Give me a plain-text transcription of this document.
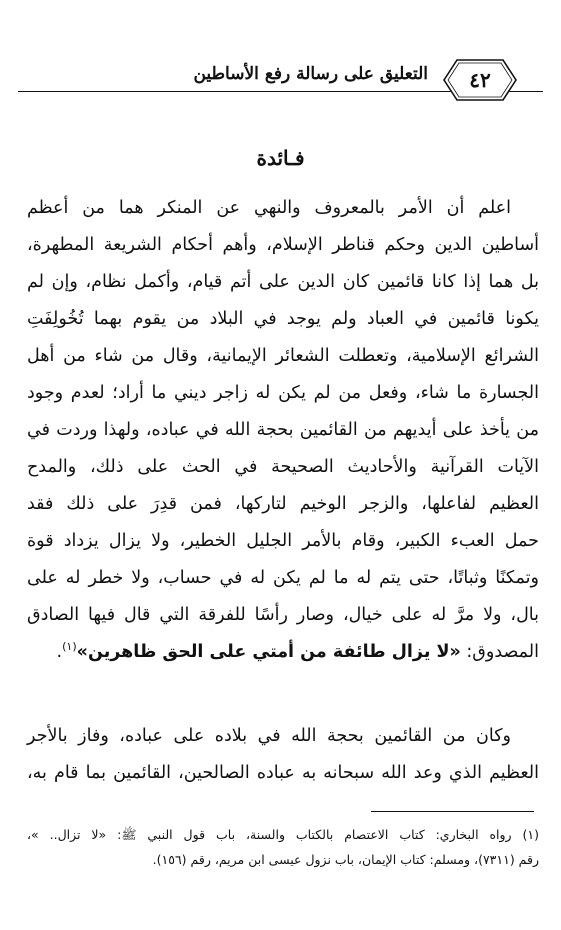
التعليق على رسالة رفع الأساطين	٤٢
فـائدة
اعلم أن الأمر بالمعروف والنهي عن المنكر هما من أعظم
أساطين الدين وحكم قناطر الإسلام، وأهم أحكام الشريعة المطهرة،
بل هما إذا كانا قائمين كان الدين على أتم قيام، وأكمل نظام، وإن لم
يكونا قائمين في العباد ولم يوجد في البلاد من يقوم بهما تُخُولِفَتِ
الشرائع الإسلامية، وتعطلت الشعائر الإيمانية، وقال من شاء من أهل
الجسارة ما شاء، وفعل من لم يكن له زاجر ديني ما أراد؛ لعدم وجود
من يأخذ على أيديهم من القائمين بحجة الله في عباده، ولهذا وردت في
الآيات القرآنية والأحاديث الصحيحة في الحث على ذلك، والمدح
العظيم لفاعلها، والزجر الوخيم لتاركها، فمن قدِرَ على ذلك فقد
حمل العبء الكبير، وقام بالأمر الجليل الخطير، ولا يزال يزداد قوة
وتمكنًا وثباتًا، حتى يتم له ما لم يكن له في حساب، ولا خطر له على
بال، ولا مرَّ له على خيال، وصار رأسًا للفرقة التي قال فيها الصادق
المصدوق: «لا يزال طائفة من أمتي على الحق ظاهرين»$^{(١)}$.
وكان من القائمين بحجة الله في بلاده على عباده، وفاز بالأجر
العظيم الذي وعد الله سبحانه به عباده الصالحين، القائمين بما قام به،
(١) رواه البخاري: كتاب الاعتصام بالكتاب والسنة، باب قول النبي ﷺ: «لا تزال.. »،
رقم (٧٣١١)، ومسلم: كتاب الإيمان، باب نزول عيسى ابن مريم، رقم (١٥٦).
